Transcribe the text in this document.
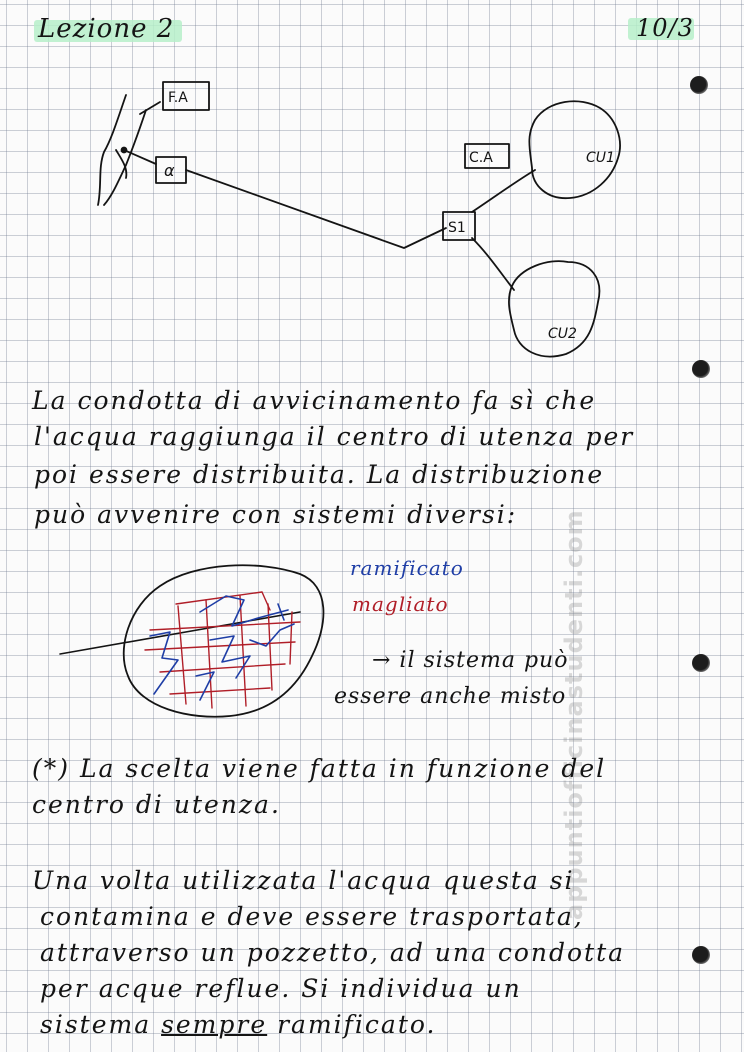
Lezione 2	10/3
appuntiofficinastudenti.com
F.A
α
S1
C.A	CU1
CU2
La condotta di avvicinamento fa sì che
l'acqua raggiunga il centro di utenza per
poi essere distribuita. La distribuzione
può avvenire con sistemi diversi:
ramificato
magliato
→ il sistema può
essere anche misto
(*) La scelta viene fatta in funzione del
centro di utenza.
Una volta utilizzata l'acqua questa si
contamina e deve essere trasportata,
attraverso un pozzetto, ad una condotta
per acque reflue. Si individua un
sistema sempre ramificato.
